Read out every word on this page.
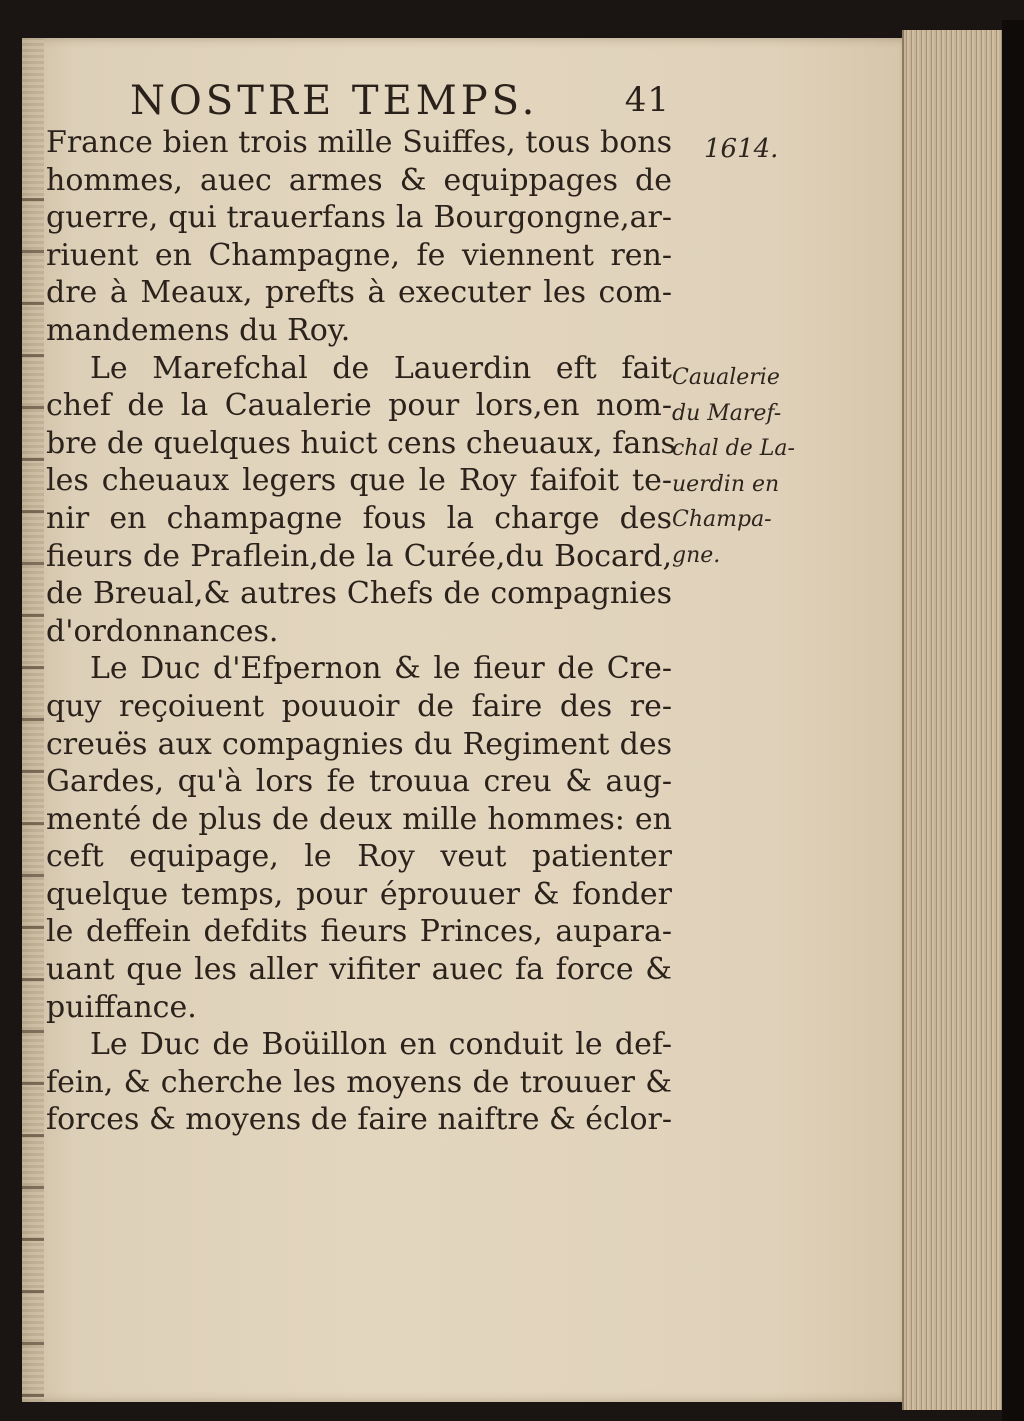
NOSTRE TEMPS.	41
1614.
Caualerie
du Maref-
chal de La-
uerdin en
Champa-
gne.
France bien trois mille Suiffes, tous bons
hommes, auec armes & equippages de
guerre, qui trauerfans la Bourgongne,ar-
riuent en Champagne, fe viennent ren-
dre à Meaux, prefts à executer les com-
mandemens du Roy.
Le Marefchal de Lauerdin eft fait
chef de la Caualerie pour lors,en nom-
bre de quelques huict cens cheuaux, fans
les cheuaux legers que le Roy faifoit te-
nir en champagne fous la charge des
fieurs de Praflein,de la Curée,du Bocard,
de Breual,& autres Chefs de compagnies
d'ordonnances.
Le Duc d'Efpernon & le fieur de Cre-
quy reçoiuent pouuoir de faire des re-
creuës aux compagnies du Regiment des
Gardes, qu'à lors fe trouua creu & aug-
menté de plus de deux mille hommes: en
ceft equipage, le Roy veut patienter
quelque temps, pour éprouuer & fonder
le deffein defdits fieurs Princes, aupara-
uant que les aller vifiter auec fa force &
puiffance.
Le Duc de Boüillon en conduit le def-
fein, & cherche les moyens de trouuer &
forces & moyens de faire naiftre & éclor-
